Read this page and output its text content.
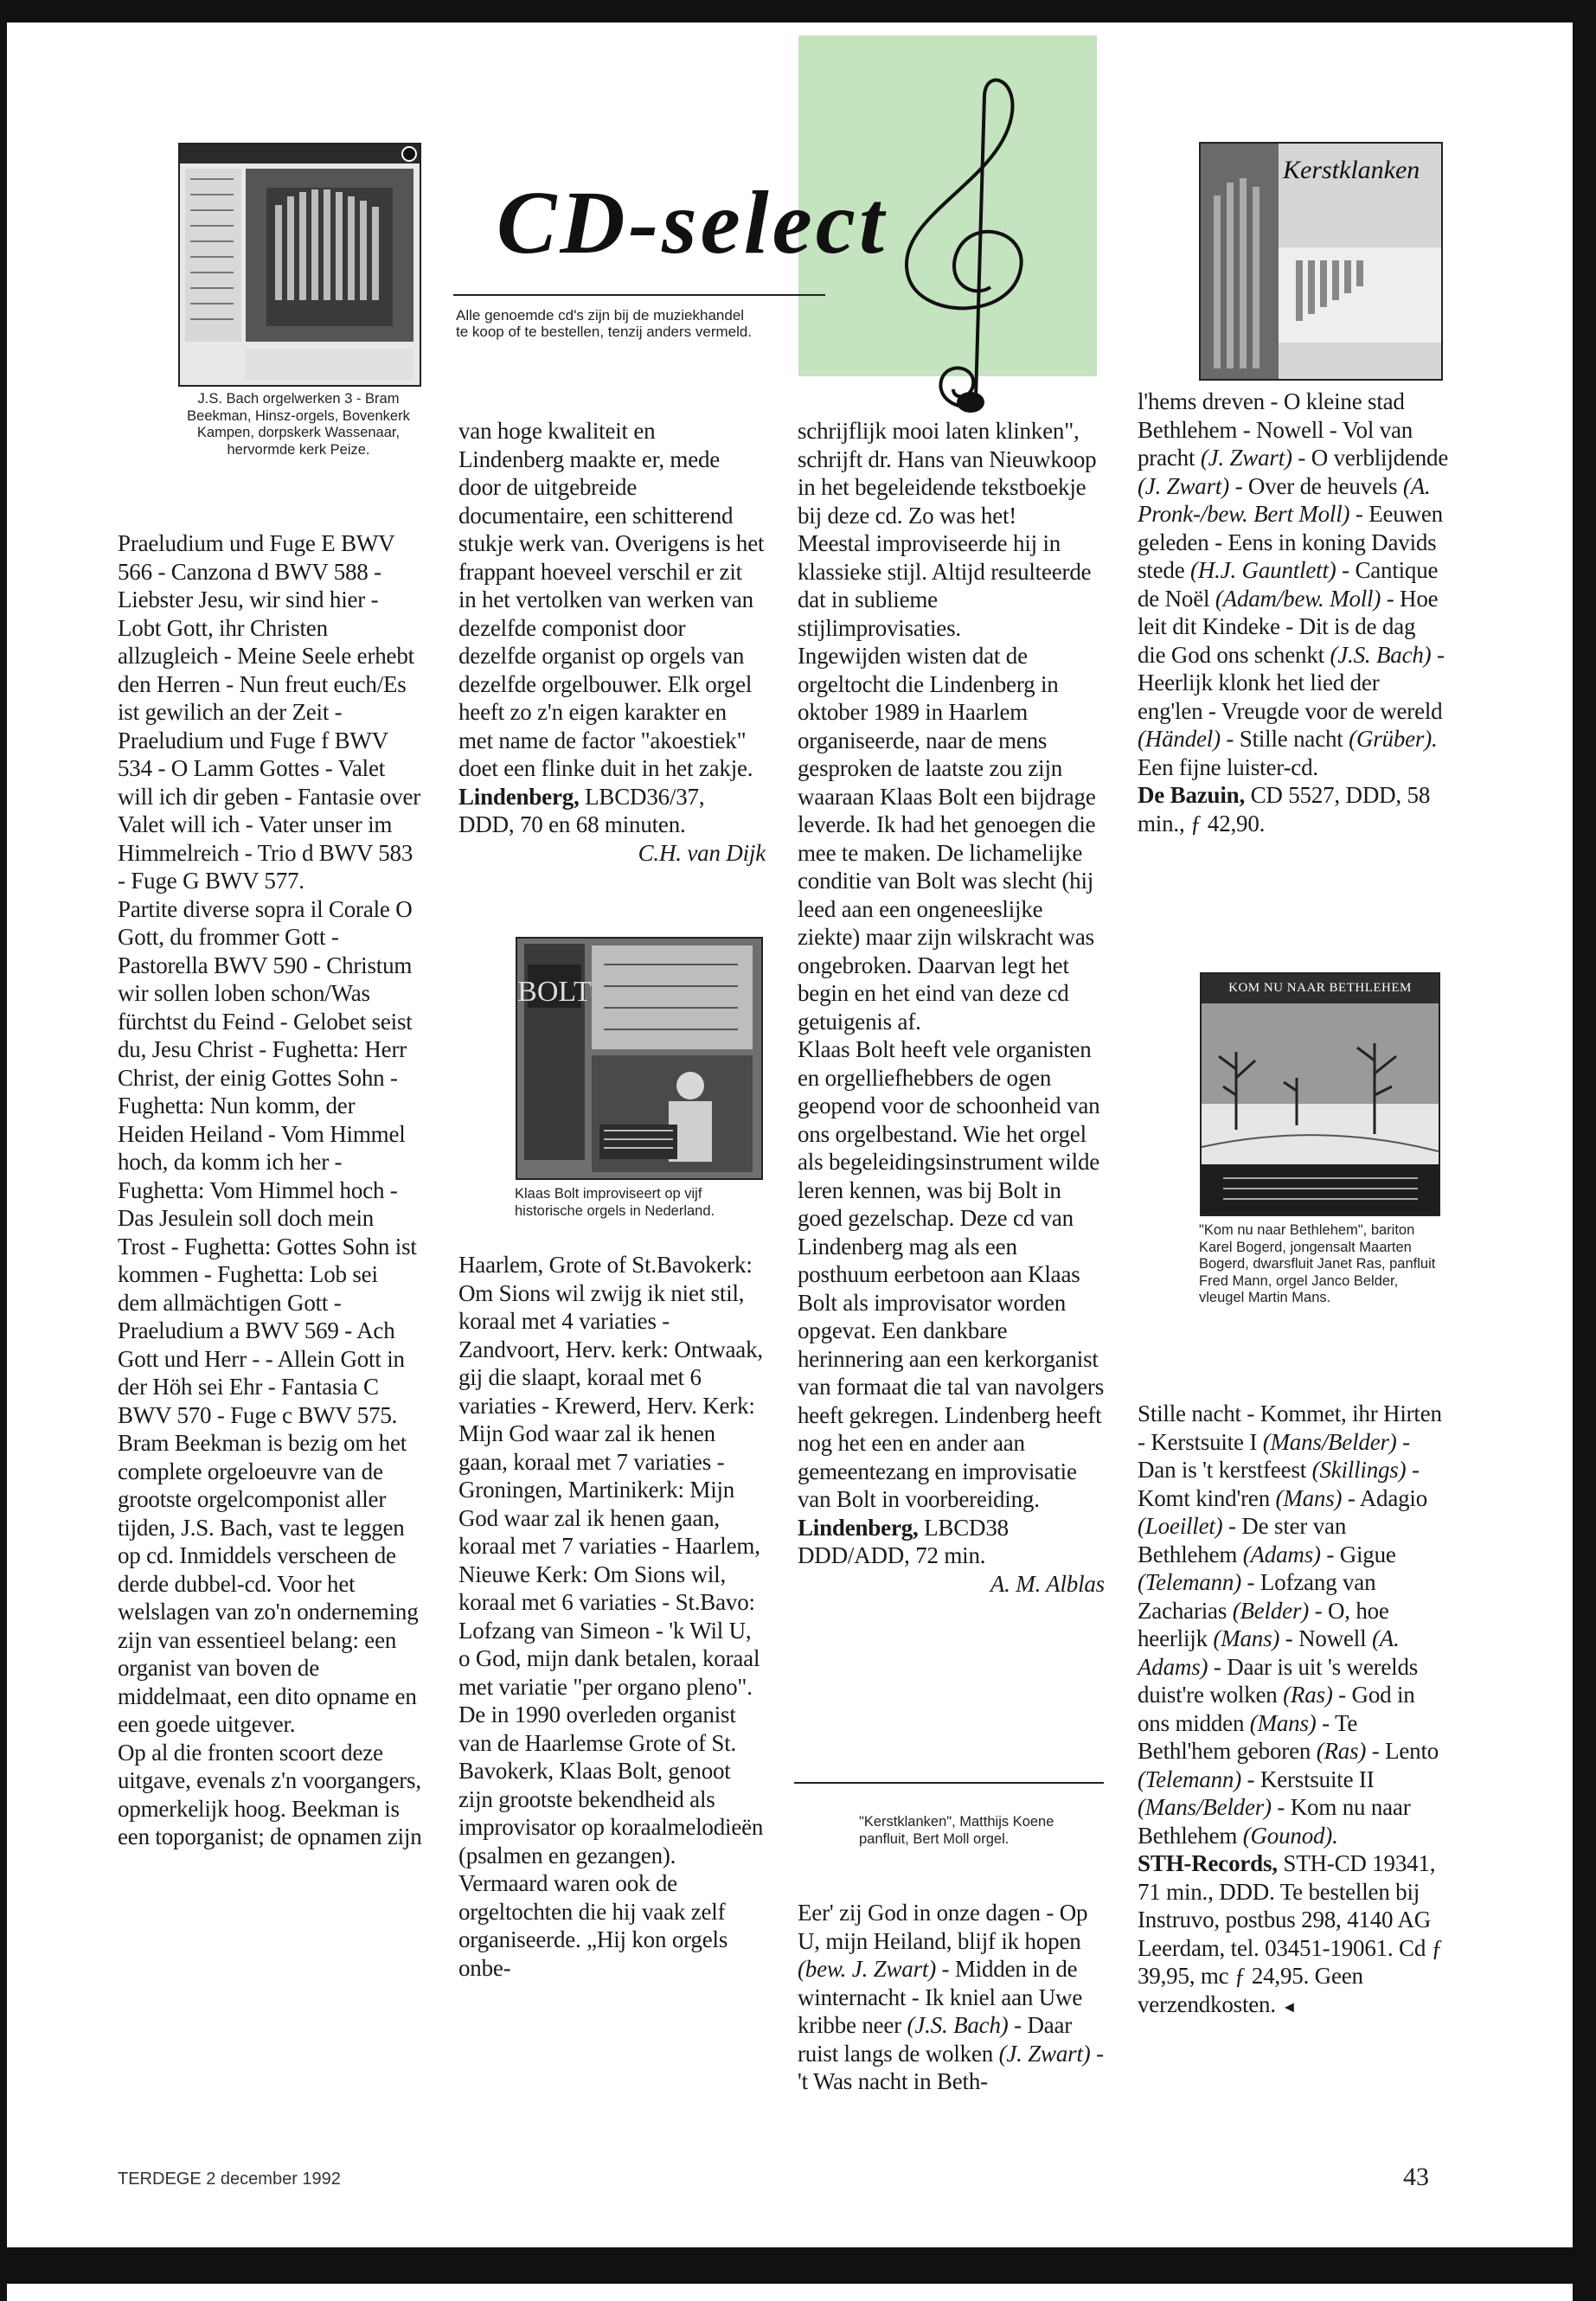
J.S. Bach orgelwerken 3 - Bram Beekman, Hinsz-orgels, Bovenkerk Kampen, dorpskerk Wassenaar, hervormde kerk Peize.

Praeludium und Fuge E BWV 566 - Canzona d BWV 588 - Liebster Jesu, wir sind hier - Lobt Gott, ihr Christen allzugleich - Meine Seele erhebt den Herren - Nun freut euch/Es ist gewilich an der Zeit - Praeludium und Fuge f BWV 534 - O Lamm Gottes - Valet will ich dir geben - Fantasie over Valet will ich - Vater unser im Himmelreich - Trio d BWV 583 - Fuge G BWV 577.

Partite diverse sopra il Corale O Gott, du frommer Gott - Pastorella BWV 590 - Christum wir sollen loben schon/Was fürchtst du Feind - Gelobet seist du, Jesu Christ - Fughetta: Herr Christ, der einig Gottes Sohn - Fughetta: Nun komm, der Heiden Heiland - Vom Himmel hoch, da komm ich her - Fughetta: Vom Himmel hoch - Das Jesulein soll doch mein Trost - Fughetta: Gottes Sohn ist kommen - Fughetta: Lob sei dem allmächtigen Gott - Praeludium a BWV 569 - Ach Gott und Herr - - Allein Gott in der Höh sei Ehr - Fantasia C BWV 570 - Fuge c BWV 575.

Bram Beekman is bezig om het complete orgeloeuvre van de grootste orgelcomponist aller tijden, J.S. Bach, vast te leggen op cd. Inmiddels verscheen de derde dubbel-cd. Voor het welslagen van zo'n onderneming zijn van essentieel belang: een organist van boven de middelmaat, een dito opname en een goede uitgever.

Op al die fronten scoort deze uitgave, evenals z'n voorgangers, opmerkelijk hoog. Beekman is een toporganist; de opnamen zijn

CD-select
Alle genoemde cd's zijn bij de muziekhandel te koop of te bestellen, tenzij anders vermeld.

van hoge kwaliteit en Lindenberg maakte er, mede door de uitgebreide documentaire, een schitterend stukje werk van. Overigens is het frappant hoeveel verschil er zit in het vertolken van werken van dezelfde componist door dezelfde organist op orgels van dezelfde orgelbouwer. Elk orgel heeft zo z'n eigen karakter en met name de factor "akoestiek" doet een flinke duit in het zakje.

Lindenberg, LBCD36/37, DDD, 70 en 68 minuten.

C.H. van Dijk

BOLT
Klaas Bolt improviseert op vijf historische orgels in Nederland.

Haarlem, Grote of St.Bavokerk: Om Sions wil zwijg ik niet stil, koraal met 4 variaties - Zandvoort, Herv. kerk: Ontwaak, gij die slaapt, koraal met 6 variaties - Krewerd, Herv. Kerk: Mijn God waar zal ik henen gaan, koraal met 7 variaties - Groningen, Martinikerk: Mijn God waar zal ik henen gaan, koraal met 7 variaties - Haarlem, Nieuwe Kerk: Om Sions wil, koraal met 6 variaties - St.Bavo: Lofzang van Simeon - 'k Wil U, o God, mijn dank betalen, koraal met variatie "per organo pleno".

De in 1990 overleden organist van de Haarlemse Grote of St. Bavokerk, Klaas Bolt, genoot zijn grootste bekendheid als improvisator op koraalmelodieën (psalmen en gezangen). Vermaard waren ook de orgeltochten die hij vaak zelf organiseerde. „Hij kon orgels onbe-

schrijflijk mooi laten klinken", schrijft dr. Hans van Nieuwkoop in het begeleidende tekstboekje bij deze cd. Zo was het!

Meestal improviseerde hij in klassieke stijl. Altijd resulteerde dat in sublieme stijlimprovisaties.

Ingewijden wisten dat de orgeltocht die Lindenberg in oktober 1989 in Haarlem organiseerde, naar de mens gesproken de laatste zou zijn waaraan Klaas Bolt een bijdrage leverde. Ik had het genoegen die mee te maken. De lichamelijke conditie van Bolt was slecht (hij leed aan een ongeneeslijke ziekte) maar zijn wilskracht was ongebroken. Daarvan legt het begin en het eind van deze cd getuigenis af.

Klaas Bolt heeft vele organisten en orgelliefhebbers de ogen geopend voor de schoonheid van ons orgelbestand. Wie het orgel als begeleidingsinstrument wilde leren kennen, was bij Bolt in goed gezelschap. Deze cd van Lindenberg mag als een posthuum eerbetoon aan Klaas Bolt als improvisator worden opgevat. Een dankbare herinnering aan een kerkorganist van formaat die tal van navolgers heeft gekregen. Lindenberg heeft nog het een en ander aan gemeentezang en improvisatie van Bolt in voorbereiding.

Lindenberg, LBCD38 DDD/ADD, 72 min.

A. M. Alblas

"Kerstklanken", Matthijs Koene panfluit, Bert Moll orgel.

Eer' zij God in onze dagen - Op U, mijn Heiland, blijf ik hopen (bew. J. Zwart) - Midden in de winternacht - Ik kniel aan Uwe kribbe neer (J.S. Bach) - Daar ruist langs de wolken (J. Zwart) - 't Was nacht in Beth-

Kerstklanken

l'hems dreven - O kleine stad Bethlehem - Nowell - Vol van pracht (J. Zwart) - O verblijdende (J. Zwart) - Over de heuvels (A. Pronk-/bew. Bert Moll) - Eeuwen geleden - Eens in koning Davids stede (H.J. Gauntlett) - Cantique de Noël (Adam/bew. Moll) - Hoe leit dit Kindeke - Dit is de dag die God ons schenkt (J.S. Bach) - Heerlijk klonk het lied der eng'len - Vreugde voor de wereld (Händel) - Stille nacht (Grüber).

Een fijne luister-cd.

De Bazuin, CD 5527, DDD, 58 min., ƒ 42,90.

KOM NU NAAR BETHLEHEM
"Kom nu naar Bethlehem", bariton Karel Bogerd, jongensalt Maarten Bogerd, dwarsfluit Janet Ras, panfluit Fred Mann, orgel Janco Belder, vleugel Martin Mans.

Stille nacht - Kommet, ihr Hirten - Kerstsuite I (Mans/Belder) - Dan is 't kerstfeest (Skillings) - Komt kind'ren (Mans) - Adagio (Loeillet) - De ster van Bethlehem (Adams) - Gigue (Telemann) - Lofzang van Zacharias (Belder) - O, hoe heerlijk (Mans) - Nowell (A. Adams) - Daar is uit 's werelds duist're wolken (Ras) - God in ons midden (Mans) - Te Bethl'hem geboren (Ras) - Lento (Telemann) - Kerstsuite II (Mans/Belder) - Kom nu naar Bethlehem (Gounod).

STH-Records, STH-CD 19341, 71 min., DDD. Te bestellen bij Instruvo, postbus 298, 4140 AG Leerdam, tel. 03451-19061. Cd ƒ 39,95, mc ƒ 24,95. Geen verzendkosten. ◄

TERDEGE 2 december 1992	43
